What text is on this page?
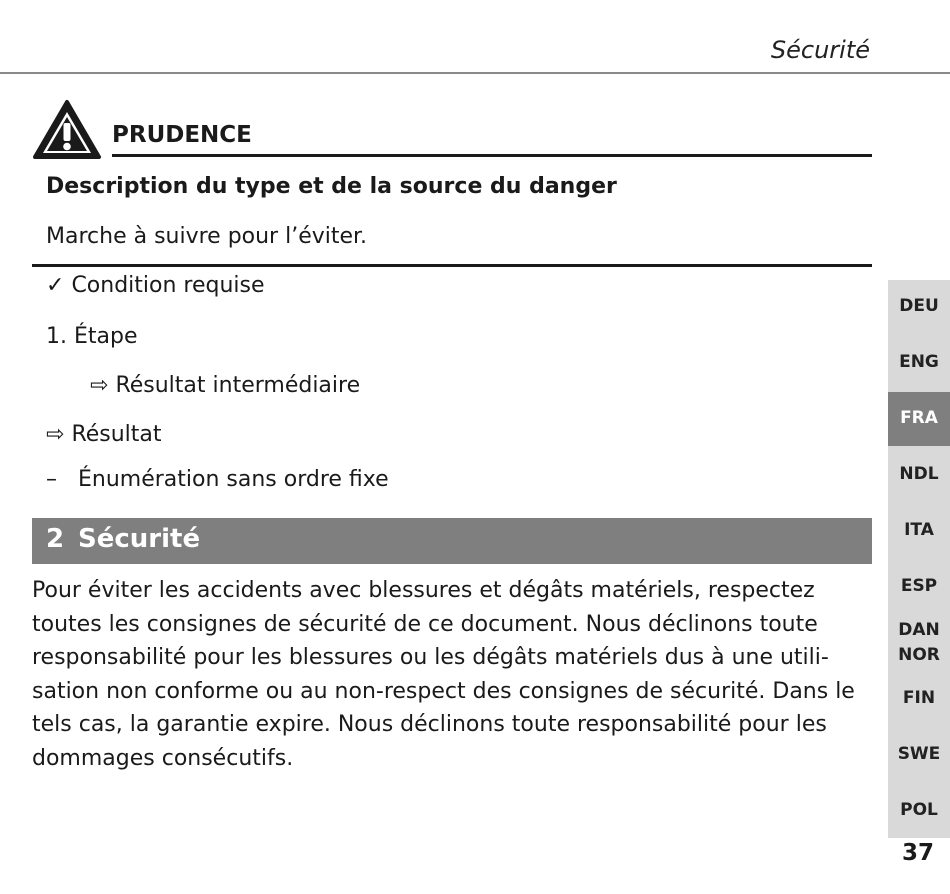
Sécurité
PRUDENCE
Description du type et de la source du danger
Marche à suivre pour l’éviter.
✓ Condition requise
1. Étape
⇨ Résultat intermédiaire
⇨ Résultat
– Énumération sans ordre fixe
2 Sécurité

Pour éviter les accidents avec blessures et dégâts matériels, respectez toutes les consignes de sécurité de ce document. Nous déclinons toute responsabilité pour les blessures ou les dégâts matériels dus à une utili-sation non conforme ou au non-respect des consignes de sécurité. Dans le tels cas, la garantie expire. Nous déclinons toute responsabilité pour les dommages consécutifs.

DEU
ENG
FRA
NDL
ITA
ESP
DAN
NOR
FIN
SWE
POL
37
